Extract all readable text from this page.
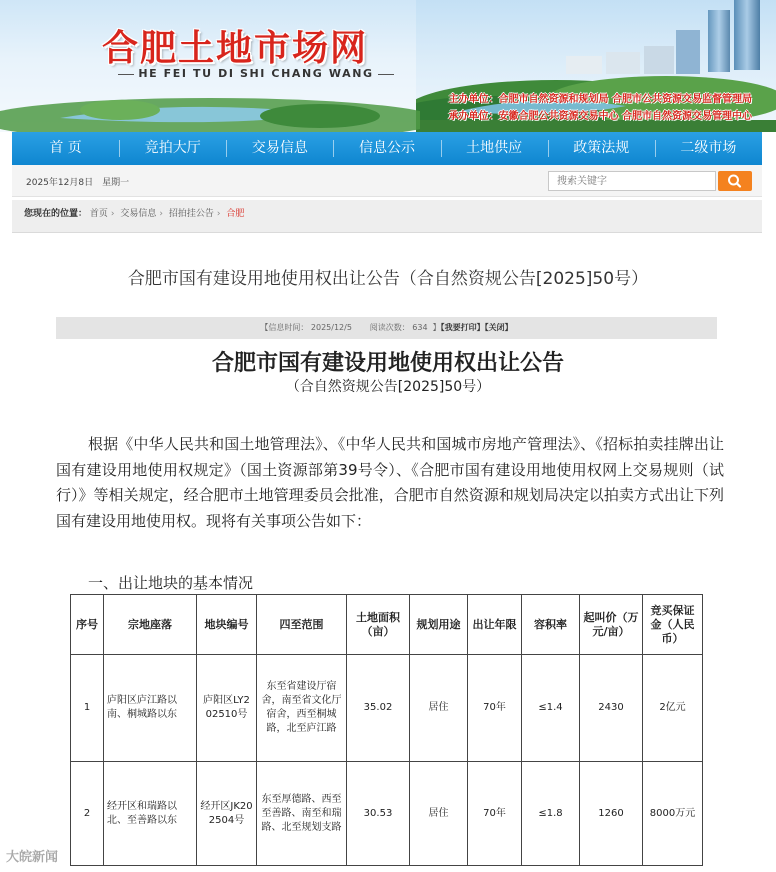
合肥土地市场网
HE FEI TU DI SHI CHANG WANG
主办单位：合肥市自然资源和规划局 合肥市公共资源交易监督管理局
承办单位：安徽合肥公共资源交易中心 合肥市自然资源交易管理中心
首 页	竞拍大厅	交易信息	信息公示	土地供应	政策法规	二级市场
2025年12月8日　星期一
搜索关键字
您现在的位置： 首页 › 交易信息 › 招拍挂公告 › 合肥
合肥市国有建设用地使用权出让公告（合自然资规公告[2025]50号）
【信息时间： 2025/12/5 阅读次数： 634 】【我要打印】【关闭】
合肥市国有建设用地使用权出让公告
（合自然资规公告[2025]50号）
根据《中华人民共和国土地管理法》、《中华人民共和国城市房地产管理法》、《招标拍卖挂牌出让国有建设用地使用权规定》（国土资源部第39号令）、《合肥市国有建设用地使用权网上交易规则（试行）》等相关规定，经合肥市土地管理委员会批准，合肥市自然资源和规划局决定以拍卖方式出让下列国有建设用地使用权。现将有关事项公告如下：
一、出让地块的基本情况
序号	宗地座落	地块编号	四至范围	土地面积（亩）	规划用途	出让年限	容积率	起叫价（万元/亩）	竞买保证金（人民币）
1	庐阳区庐江路以南、桐城路以东	庐阳区LY202510号	东至省建设厅宿舍，南至省文化厅宿舍，西至桐城路，北至庐江路	35.02	居住	70年	≤1.4	2430	2亿元
2	经开区和瑞路以北、至善路以东	经开区JK202504号	东至厚德路、西至至善路、南至和瑞路、北至规划支路	30.53	居住	70年	≤1.8	1260	8000万元
大皖新闻
